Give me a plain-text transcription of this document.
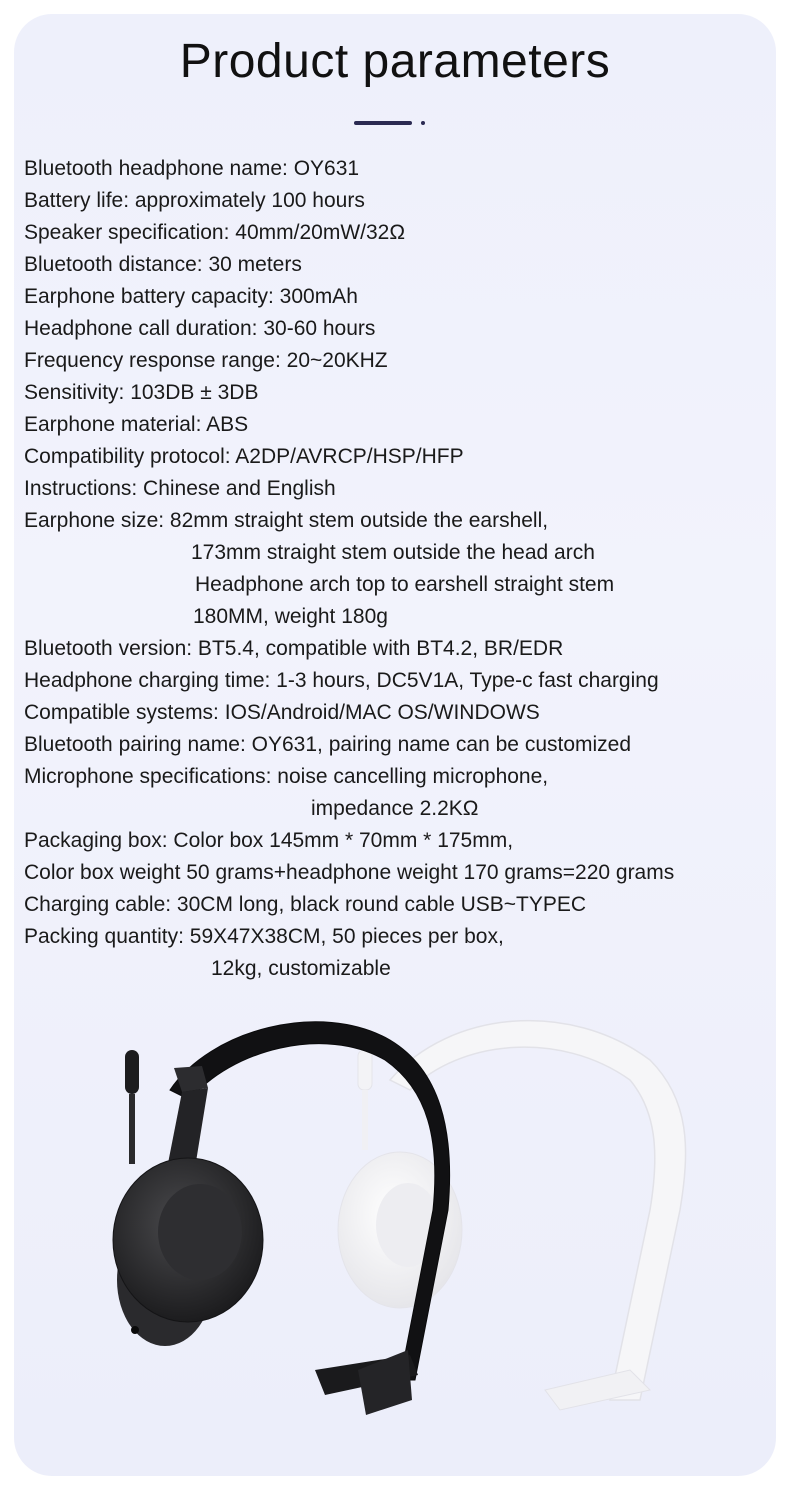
Product parameters
Bluetooth headphone name: OY631
Battery life: approximately 100 hours
Speaker specification: 40mm/20mW/32Ω
Bluetooth distance: 30 meters
Earphone battery capacity: 300mAh
Headphone call duration: 30-60 hours
Frequency response range: 20~20KHZ
Sensitivity: 103DB ± 3DB
Earphone material: ABS
Compatibility protocol: A2DP/AVRCP/HSP/HFP
Instructions: Chinese and English
Earphone size: 82mm straight stem outside the earshell,
173mm straight stem outside the head arch
Headphone arch top to earshell straight stem
180MM, weight 180g
Bluetooth version: BT5.4, compatible with BT4.2, BR/EDR
Headphone charging time: 1-3 hours, DC5V1A, Type-c fast charging
Compatible systems: IOS/Android/MAC OS/WINDOWS
Bluetooth pairing name: OY631, pairing name can be customized
Microphone specifications: noise cancelling microphone,
impedance 2.2KΩ
Packaging box: Color box 145mm * 70mm * 175mm,
Color box weight 50 grams+headphone weight 170 grams=220 grams
Charging cable: 30CM long, black round cable USB~TYPEC
Packing quantity: 59X47X38CM, 50 pieces per box,
12kg, customizable
